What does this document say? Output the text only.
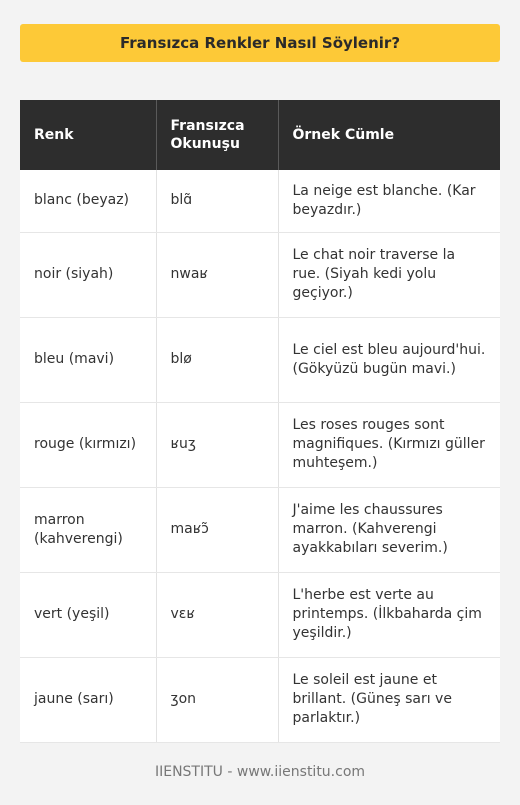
Fransızca Renkler Nasıl Söylenir?
Renk	Fransızca Okunuşu	Örnek Cümle
blanc (beyaz)	blɑ̃	La neige est blanche. (Kar beyazdır.)
noir (siyah)	nwaʁ	Le chat noir traverse la rue. (Siyah kedi yolu geçiyor.)
bleu (mavi)	blø	Le ciel est bleu aujourd'hui. (Gökyüzü bugün mavi.)
rouge (kırmızı)	ʁuʒ	Les roses rouges sont magnifiques. (Kırmızı güller muhteşem.)
marron (kahverengi)	maʁɔ̃	J'aime les chaussures marron. (Kahverengi ayakkabıları severim.)
vert (yeşil)	vɛʁ	L'herbe est verte au printemps. (İlkbaharda çim yeşildir.)
jaune (sarı)	ʒon	Le soleil est jaune et brillant. (Güneş sarı ve parlaktır.)
IIENSTITU - www.iienstitu.com
